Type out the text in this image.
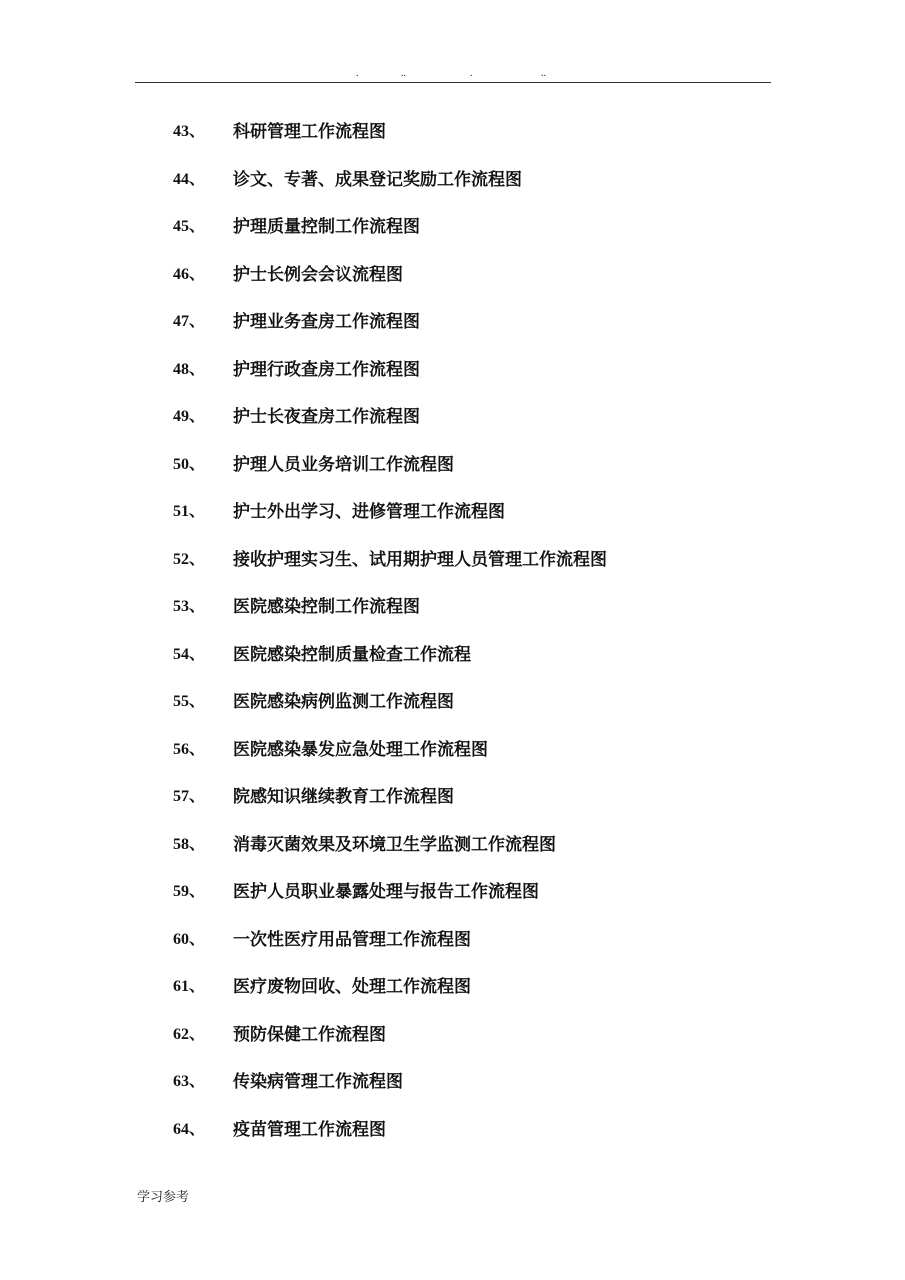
.	..	.	..
43、 科研管理工作流程图
44、 诊文、专著、成果登记奖励工作流程图
45、 护理质量控制工作流程图
46、 护士长例会会议流程图
47、 护理业务查房工作流程图
48、 护理行政查房工作流程图
49、 护士长夜查房工作流程图
50、 护理人员业务培训工作流程图
51、 护士外出学习、进修管理工作流程图
52、 接收护理实习生、试用期护理人员管理工作流程图
53、 医院感染控制工作流程图
54、 医院感染控制质量检查工作流程
55、 医院感染病例监测工作流程图
56、 医院感染暴发应急处理工作流程图
57、 院感知识继续教育工作流程图
58、 消毒灭菌效果及环境卫生学监测工作流程图
59、 医护人员职业暴露处理与报告工作流程图
60、 一次性医疗用品管理工作流程图
61、 医疗废物回收、处理工作流程图
62、 预防保健工作流程图
63、 传染病管理工作流程图
64、 疫苗管理工作流程图
学习参考
